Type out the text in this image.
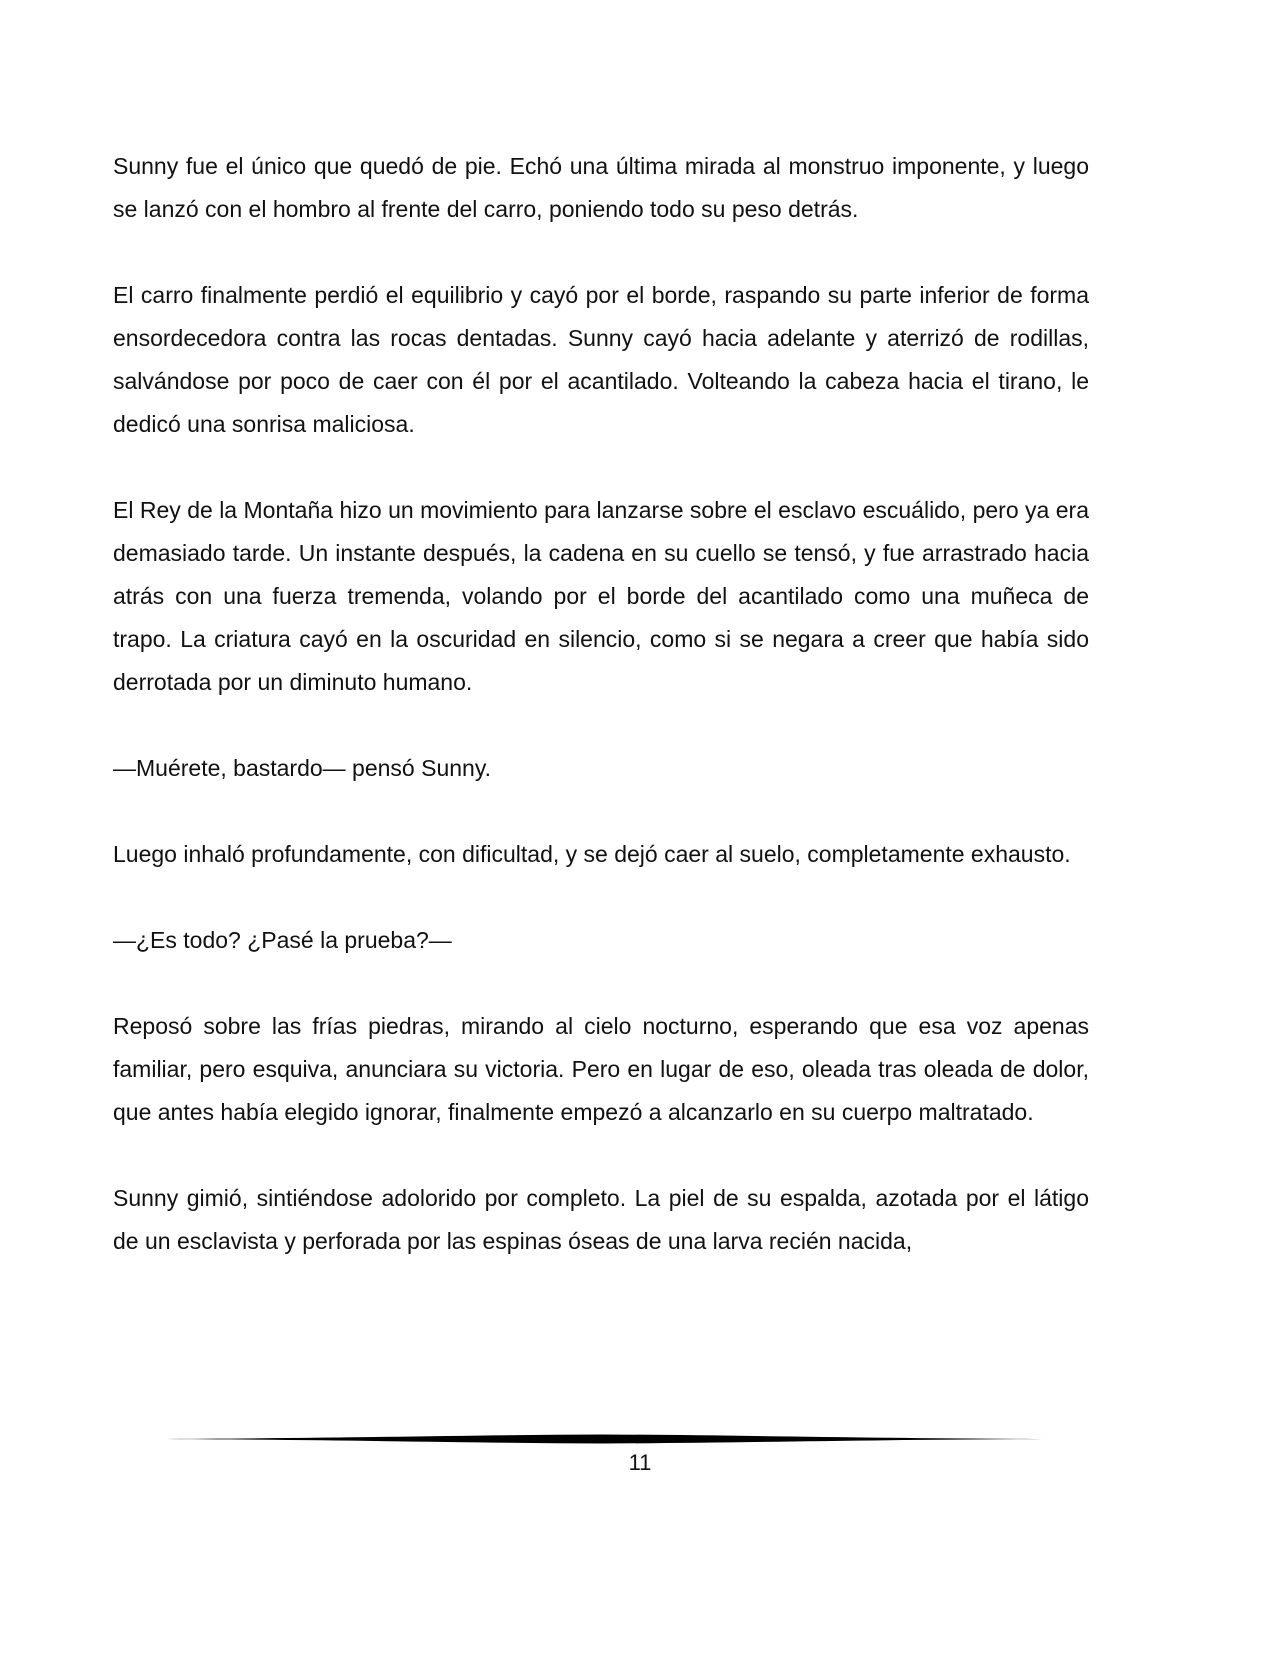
Sunny fue el único que quedó de pie. Echó una última mirada al monstruo imponente, y luego se lanzó con el hombro al frente del carro, poniendo todo su peso detrás.

El carro finalmente perdió el equilibrio y cayó por el borde, raspando su parte inferior de forma ensordecedora contra las rocas dentadas. Sunny cayó hacia adelante y aterrizó de rodillas, salvándose por poco de caer con él por el acantilado. Volteando la cabeza hacia el tirano, le dedicó una sonrisa maliciosa.

El Rey de la Montaña hizo un movimiento para lanzarse sobre el esclavo escuálido, pero ya era demasiado tarde. Un instante después, la cadena en su cuello se tensó, y fue arrastrado hacia atrás con una fuerza tremenda, volando por el borde del acantilado como una muñeca de trapo. La criatura cayó en la oscuridad en silencio, como si se negara a creer que había sido derrotada por un diminuto humano.

—Muérete, bastardo— pensó Sunny.

Luego inhaló profundamente, con dificultad, y se dejó caer al suelo, completamente exhausto.

—¿Es todo? ¿Pasé la prueba?—

Reposó sobre las frías piedras, mirando al cielo nocturno, esperando que esa voz apenas familiar, pero esquiva, anunciara su victoria. Pero en lugar de eso, oleada tras oleada de dolor, que antes había elegido ignorar, finalmente empezó a alcanzarlo en su cuerpo maltratado.

Sunny gimió, sintiéndose adolorido por completo. La piel de su espalda, azotada por el látigo de un esclavista y perforada por las espinas óseas de una larva recién nacida,

11
